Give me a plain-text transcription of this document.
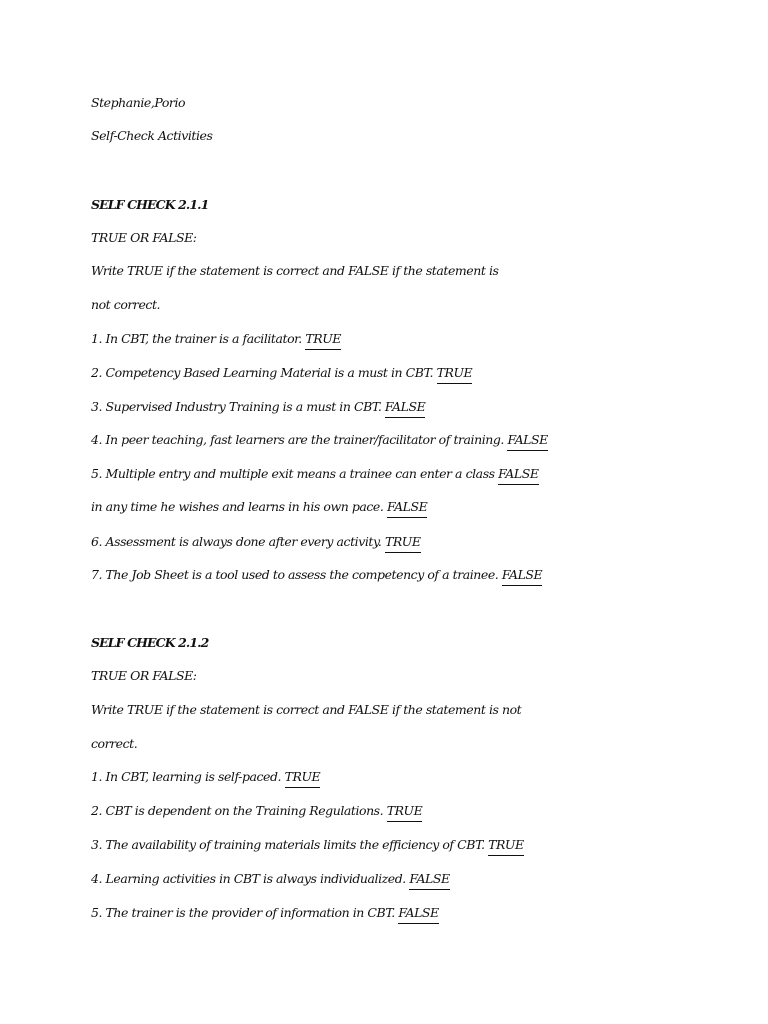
Stephanie,Porio
Self-Check Activities
SELF CHECK 2.1.1
TRUE OR FALSE:
Write TRUE if the statement is correct and FALSE if the statement is
not correct.
1. In CBT, the trainer is a facilitator. TRUE
2. Competency Based Learning Material is a must in CBT. TRUE
3. Supervised Industry Training is a must in CBT. FALSE
4. In peer teaching, fast learners are the trainer/facilitator of training. FALSE
5. Multiple entry and multiple exit means a trainee can enter a class FALSE
in any time he wishes and learns in his own pace. FALSE
6. Assessment is always done after every activity. TRUE
7. The Job Sheet is a tool used to assess the competency of a trainee. FALSE
SELF CHECK 2.1.2
TRUE OR FALSE:
Write TRUE if the statement is correct and FALSE if the statement is not
correct.
1. In CBT, learning is self-paced. TRUE
2. CBT is dependent on the Training Regulations. TRUE
3. The availability of training materials limits the efficiency of CBT. TRUE
4. Learning activities in CBT is always individualized. FALSE
5. The trainer is the provider of information in CBT. FALSE
